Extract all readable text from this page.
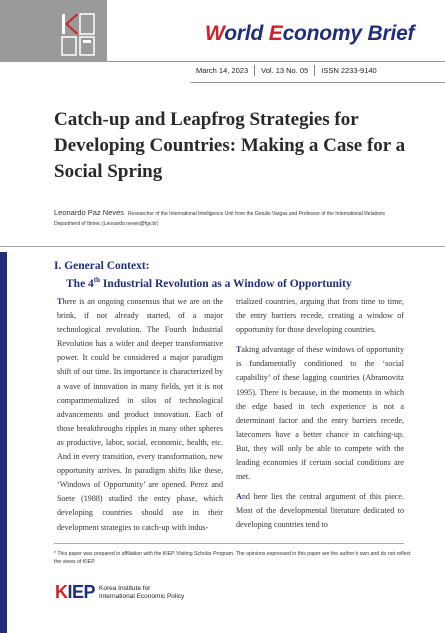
World Economy Brief
March 14, 2023	Vol. 13 No. 05	ISSN 2233-9140
Catch-up and Leapfrog Strategies for Developing Countries: Making a Case for a Social Spring
Leonardo Paz Neves Researcher of the International Intelligence Unit from the Getulio Vargas and Professor of the International Relations Department of Ibmec (Leonardo.neves@fgv.br)
I. General Context:
The 4th Industrial Revolution as a Window of Opportunity

There is an ongoing consensus that we are on the brink, if not already started, of a major technological revolution. The Fourth Industrial Revolution has a wider and deeper transformative power. It could be considered a major paradigm shift of our time. Its importance is characterized by a wave of innovation in many fields, yet it is not compartmentalized in silos of technological advancements and product innovation. Each of those breakthroughs ripples in many other spheres as productive, labor, social, economic, health, etc. And in every transition, every transformation, new opportunity arrives. In paradigm shifts like these, ‘Windows of Opportunity’ are opened. Perez and Soete (1988) studied the entry phase, which developing countries should use in their development strategies to catch-up with indus-

trialized countries, arguing that from time to time, the entry barriers recede, creating a window of opportunity for those developing countries.

Taking advantage of these windows of opportunity is fundamentally conditioned to the ‘social capability’ of these lagging countries (Abramovitz 1995). There is because, in the moments in which the edge based in tech experience is not a determinant factor and the entry barriers recede, latecomers have a better chance in catching-up. But, they will only be able to compete with the leading economies if certain social conditions are met.

And here lies the central argument of this piece. Most of the developmental literature dedicated to developing countries tend to

* This paper was prepared in affiliation with the KIEP Visiting Scholar Program. The opinions expressed in this paper are the author’s own and do not reflect the views of KIEP.
KIEP Korea Institute for
International Economic Policy
